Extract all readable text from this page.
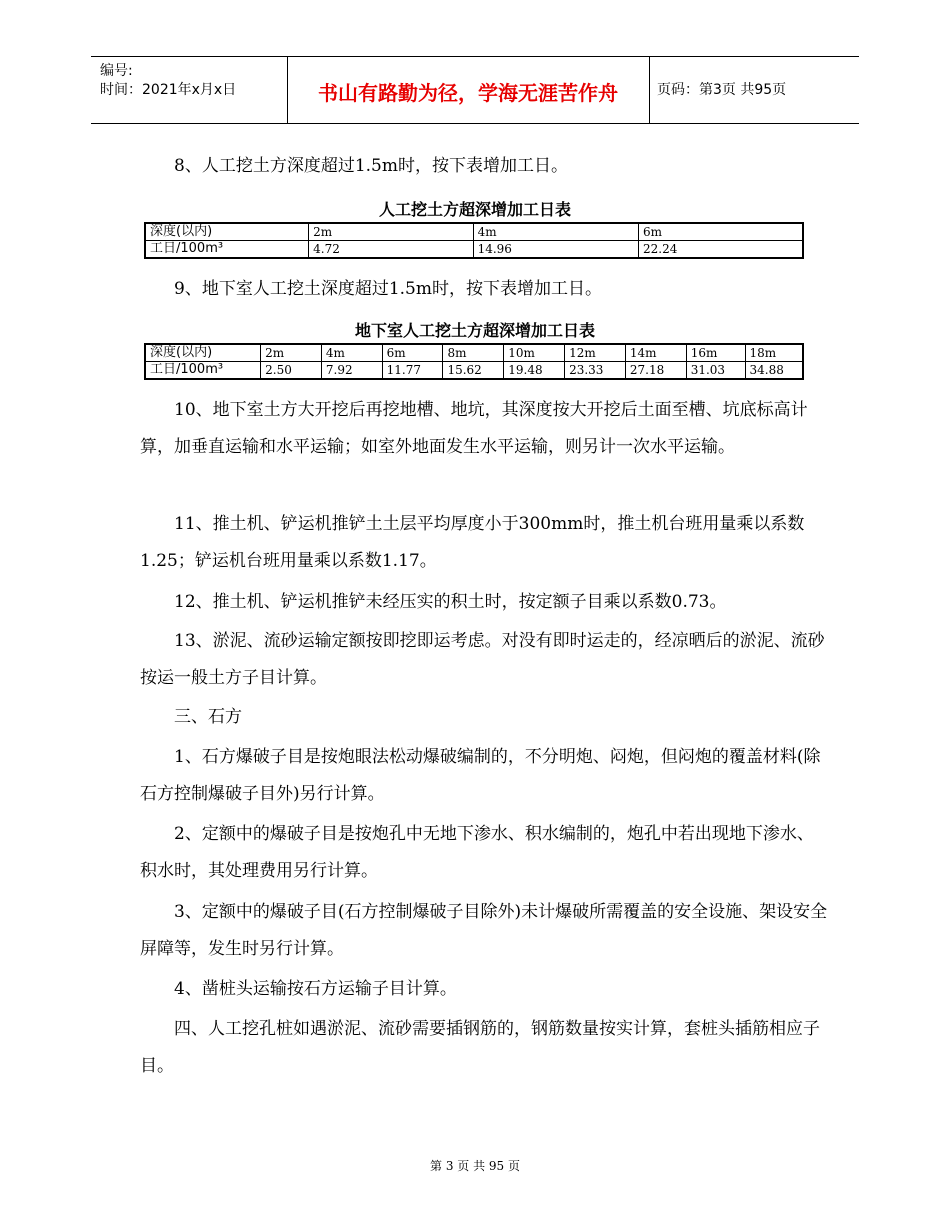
编号:
时间：2021年x月x日	书山有路勤为径，学海无涯苦作舟	页码：第3页 共95页
8、人工挖土方深度超过1.5m时，按下表增加工日。
人工挖土方超深增加工日表
深度(以内)	2m	4m	6m
工日/100m³	4.72	14.96	22.24
9、地下室人工挖土深度超过1.5m时，按下表增加工日。
地下室人工挖土方超深增加工日表
深度(以内)	2m	4m	6m	8m	10m	12m	14m	16m	18m
工日/100m³	2.50	7.92	11.77	15.62	19.48	23.33	27.18	31.03	34.88
10、地下室土方大开挖后再挖地槽、地坑，其深度按大开挖后土面至槽、坑底标高计算，加垂直运输和水平运输；如室外地面发生水平运输，则另计一次水平运输。
11、推土机、铲运机推铲土土层平均厚度小于300mm时，推土机台班用量乘以系数1.25；铲运机台班用量乘以系数1.17。
12、推土机、铲运机推铲未经压实的积土时，按定额子目乘以系数0.73。
13、淤泥、流砂运输定额按即挖即运考虑。对没有即时运走的，经凉晒后的淤泥、流砂按运一般土方子目计算。
三、石方
1、石方爆破子目是按炮眼法松动爆破编制的，不分明炮、闷炮，但闷炮的覆盖材料(除石方控制爆破子目外)另行计算。
2、定额中的爆破子目是按炮孔中无地下渗水、积水编制的，炮孔中若出现地下渗水、积水时，其处理费用另行计算。
3、定额中的爆破子目(石方控制爆破子目除外)未计爆破所需覆盖的安全设施、架设安全屏障等，发生时另行计算。
4、凿桩头运输按石方运输子目计算。
四、人工挖孔桩如遇淤泥、流砂需要插钢筋的，钢筋数量按实计算，套桩头插筋相应子目。
第 3 页 共 95 页
